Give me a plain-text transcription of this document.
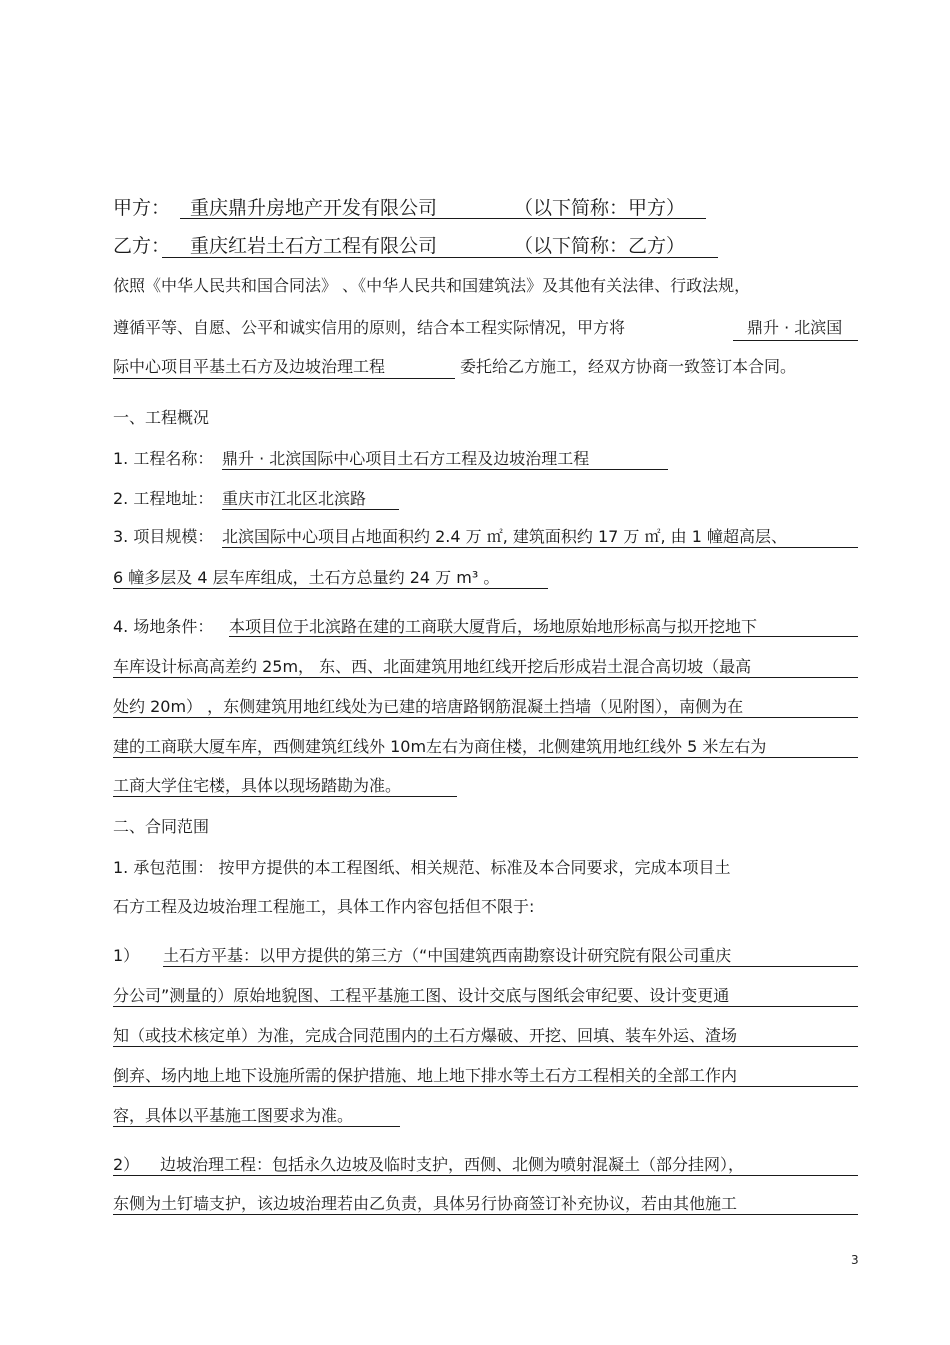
甲方： 重庆鼎升房地产开发有限公司	（以下简称：甲方）
乙方： 重庆红岩土石方工程有限公司	（以下简称：乙方）
依照《中华人民共和国合同法》 、《中华人民共和国建筑法》及其他有关法律、行政法规，
遵循平等、自愿、公平和诚实信用的原则，结合本工程实际情况，甲方将	鼎升 · 北滨国
际中心项目平基土石方及边坡治理工程	委托给乙方施工，经双方协商一致签订本合同。
一、工程概况
1. 工程名称： 鼎升 · 北滨国际中心项目土石方工程及边坡治理工程
2. 工程地址： 重庆市江北区北滨路
3. 项目规模： 北滨国际中心项目占地面积约 2.4 万 ㎡, 建筑面积约 17 万 ㎡, 由 1 幢超高层、
6 幢多层及 4 层车库组成，土石方总量约 24 万 m³ 。
4. 场地条件： 本项目位于北滨路在建的工商联大厦背后，场地原始地形标高与拟开挖地下
车库设计标高高差约 25m， 东、西、北面建筑用地红线开挖后形成岩土混合高切坡（最高
处约 20m） ，东侧建筑用地红线处为已建的培唐路钢筋混凝土挡墙（见附图），南侧为在
建的工商联大厦车库，西侧建筑红线外 10m左右为商住楼，北侧建筑用地红线外 5 米左右为
工商大学住宅楼，具体以现场踏勘为准。
二、合同范围
1. 承包范围： 按甲方提供的本工程图纸、相关规范、标准及本合同要求，完成本项目土
石方工程及边坡治理工程施工，具体工作内容包括但不限于:
1） 土石方平基：以甲方提供的第三方（“中国建筑西南勘察设计研究院有限公司重庆
分公司”测量的）原始地貌图、工程平基施工图、设计交底与图纸会审纪要、设计变更通
知（或技术核定单）为准，完成合同范围内的土石方爆破、开挖、回填、装车外运、渣场
倒弃、场内地上地下设施所需的保护措施、地上地下排水等土石方工程相关的全部工作内
容，具体以平基施工图要求为准。
2） 边坡治理工程：包括永久边坡及临时支护，西侧、北侧为喷射混凝土（部分挂网），
东侧为土钉墙支护，该边坡治理若由乙负责，具体另行协商签订补充协议，若由其他施工
3
